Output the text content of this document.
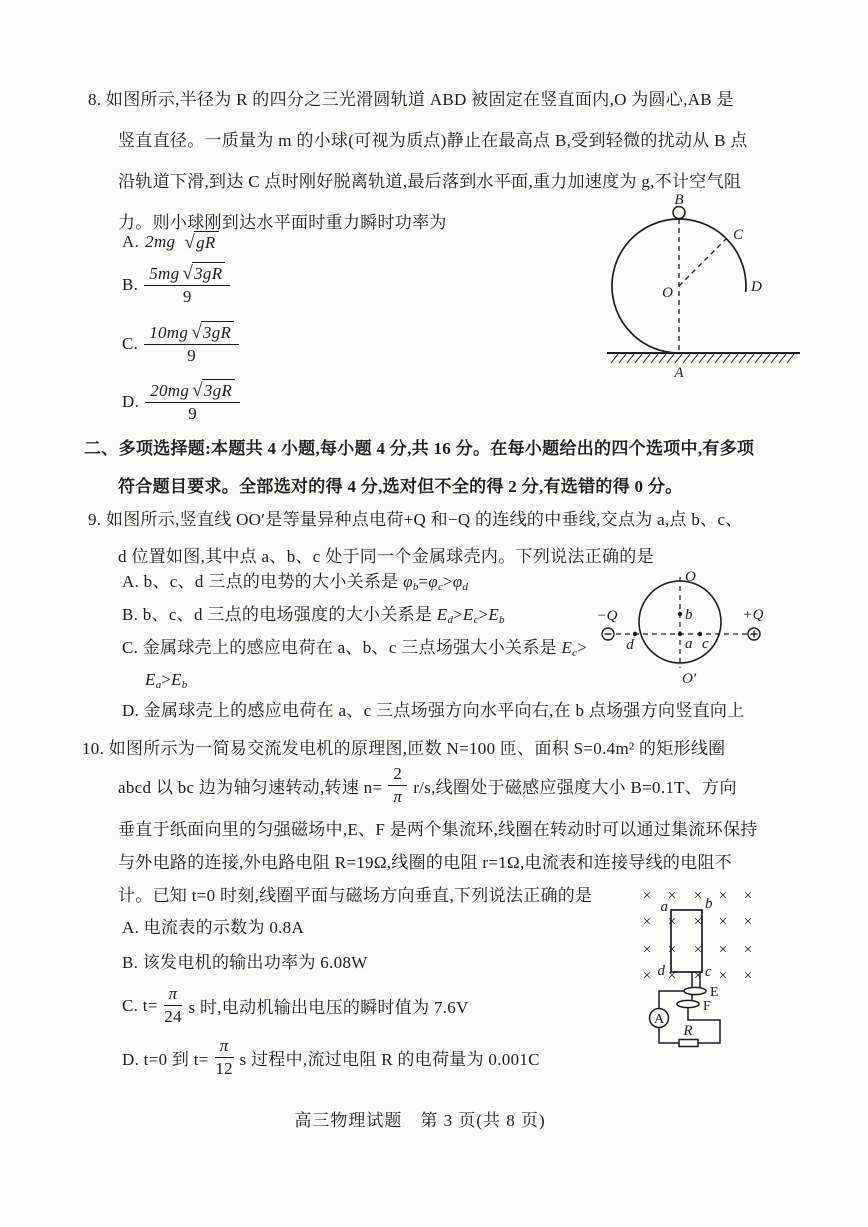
8. 如图所示,半径为 R 的四分之三光滑圆轨道 ABD 被固定在竖直面内,O 为圆心,AB 是
竖直直径。一质量为 m 的小球(可视为质点)静止在最高点 B,受到轻微的扰动从 B 点
沿轨道下滑,到达 C 点时刚好脱离轨道,最后落到水平面,重力加速度为 g,不计空气阻
力。则小球刚到达水平面时重力瞬时功率为
A. 2mg √ gR
B. $\frac{5mg √ 3gR}{9}$
C. $\frac{10mg √ 3gR}{9}$
D. $\frac{20mg √ 3gR}{9}$
B
C
O	D
A
二、多项选择题:本题共 4 小题,每小题 4 分,共 16 分。在每小题给出的四个选项中,有多项
符合题目要求。全部选对的得 4 分,选对但不全的得 2 分,有选错的得 0 分。
9. 如图所示,竖直线 OO′是等量异种点电荷+Q 和−Q 的连线的中垂线,交点为 a,点 b、c、
d 位置如图,其中点 a、b、c 处于同一个金属球壳内。下列说法正确的是
A. b、c、d 三点的电势的大小关系是 φb=φc>φd
B. b、c、d 三点的电场强度的大小关系是 Ed>Ec>Eb
C. 金属球壳上的感应电荷在 a、b、c 三点场强大小关系是 Ec>
Ea>Eb
D. 金属球壳上的感应电荷在 a、c 三点场强方向水平向右,在 b 点场强方向竖直向上
O
O′
−Q	+Q
d	a c
b
10. 如图所示为一简易交流发电机的原理图,匝数 N=100 匝、面积 S=0.4m² 的矩形线圈
abcd 以 bc 边为轴匀速转动,转速 $n= \frac{2}{\pi} r/s$,线圈处于磁感应强度大小 B=0.1T、方向
垂直于纸面向里的匀强磁场中,E、F 是两个集流环,线圈在转动时可以通过集流环保持
与外电路的连接,外电路电阻 R=19Ω,线圈的电阻 r=1Ω,电流表和连接导线的电阻不
计。已知 t=0 时刻,线圈平面与磁场方向垂直,下列说法正确的是
A. 电流表的示数为 0.8A
B. 该发电机的输出功率为 6.08W
C. $t= \frac{\pi}{24}$ s 时,电动机输出电压的瞬时值为 7.6V
D. t=0 到 $t= \frac{\pi}{12}$ s 过程中,流过电阻 R 的电荷量为 0.001C
× × × × ×
× × × × ×
× × × × ×
× × × × ×
a b
d	c
E
F
A
R
高三物理试题　第 3 页(共 8 页)
